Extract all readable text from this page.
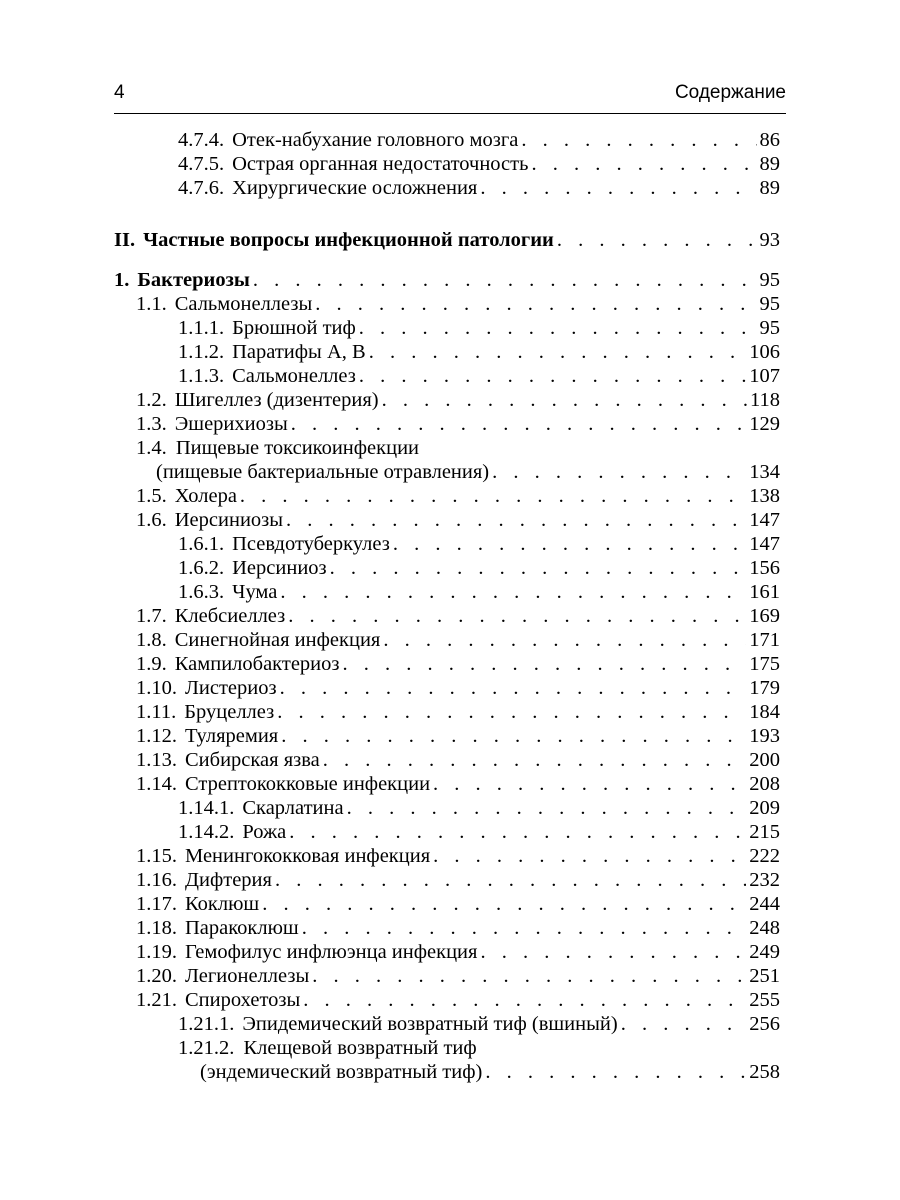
4	Содержание
4.7.4. Отек-набухание головного мозга . . .	86
4.7.5. Острая органная недостаточность . . .	89
4.7.6. Хирургические осложнения . . .	89
II. Частные вопросы инфекционной патологии . . .	93
1. Бактериозы . . .	95
1.1. Сальмонеллезы . . .	95
1.1.1. Брюшной тиф . . .	95
1.1.2. Паратифы А, В . . .	106
1.1.3. Сальмонеллез . . .	107
1.2. Шигеллез (дизентерия) . . .	118
1.3. Эшерихиозы . . .	129
1.4. Пищевые токсикоинфекции
(пищевые бактериальные отравления) . . .	134
1.5. Холера . . .	138
1.6. Иерсиниозы . . .	147
1.6.1. Псевдотуберкулез . . .	147
1.6.2. Иерсиниоз . . .	156
1.6.3. Чума . . .	161
1.7. Клебсиеллез . . .	169
1.8. Синегнойная инфекция . . .	171
1.9. Кампилобактериоз . . .	175
1.10. Листериоз . . .	179
1.11. Бруцеллез . . .	184
1.12. Туляремия . . .	193
1.13. Сибирская язва . . .	200
1.14. Стрептококковые инфекции . . .	208
1.14.1. Скарлатина . . .	209
1.14.2. Рожа . . .	215
1.15. Менингококковая инфекция . . .	222
1.16. Дифтерия . . .	232
1.17. Коклюш . . .	244
1.18. Паракоклюш . . .	248
1.19. Гемофилус инфлюэнца инфекция . . .	249
1.20. Легионеллезы . . .	251
1.21. Спирохетозы . . .	255
1.21.1. Эпидемический возвратный тиф (вшиный) . . .	256
1.21.2. Клещевой возвратный тиф
(эндемический возвратный тиф) . . .	258
